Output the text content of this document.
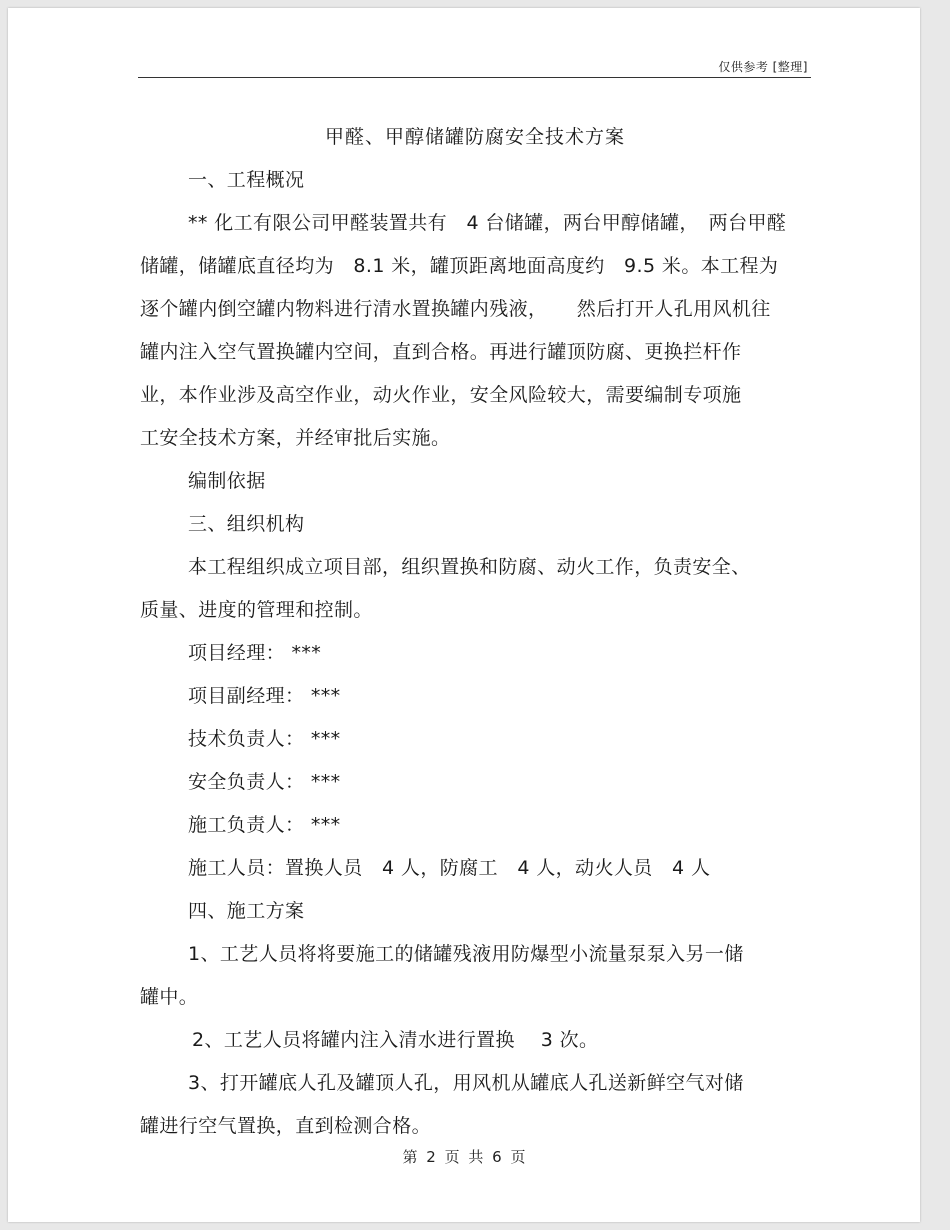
仅供参考 [整理]
甲醛、甲醇储罐防腐安全技术方案
一、工程概况
** 化工有限公司甲醛装置共有　4 台储罐，两台甲醇储罐，　两台甲醛
储罐，储罐底直径均为　8.1 米，罐顶距离地面高度约　9.5 米。本工程为
逐个罐内倒空罐内物料进行清水置换罐内残液，　　然后打开人孔用风机往
罐内注入空气置换罐内空间，直到合格。再进行罐顶防腐、更换拦杆作
业，本作业涉及高空作业，动火作业，安全风险较大，需要编制专项施
工安全技术方案，并经审批后实施。
编制依据
三、组织机构
本工程组织成立项目部，组织置换和防腐、动火工作，负责安全、
质量、进度的管理和控制。
项目经理： ***
项目副经理： ***
技术负责人： ***
安全负责人： ***
施工负责人： ***
施工人员：置换人员　4 人，防腐工　4 人，动火人员　4 人
四、施工方案
1、工艺人员将将要施工的储罐残液用防爆型小流量泵泵入另一储
罐中。
2、工艺人员将罐内注入清水进行置换　 3 次。
3、打开罐底人孔及罐顶人孔，用风机从罐底人孔送新鲜空气对储
罐进行空气置换，直到检测合格。
第 2 页 共 6 页
